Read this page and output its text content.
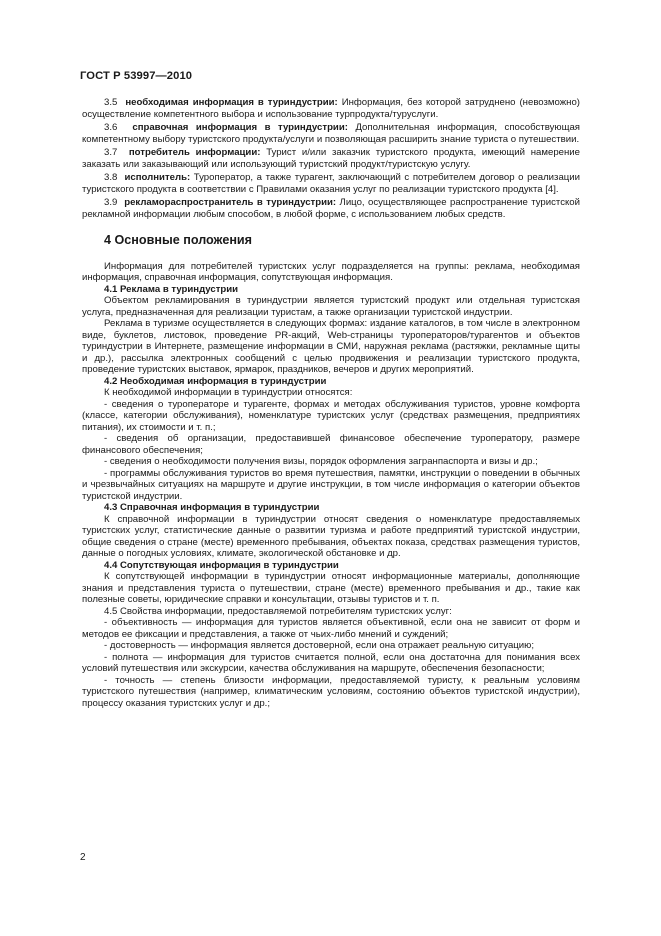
ГОСТ Р 53997—2010

3.5 необходимая информация в туриндустрии: Информация, без которой затруднено (невозможно) осуществление компетентного выбора и использование турпродукта/туруслуги.

3.6 справочная информация в туриндустрии: Дополнительная информация, способствующая компетентному выбору туристского продукта/услуги и позволяющая расширить знание туриста о путешествии.

3.7 потребитель информации: Турист и/или заказчик туристского продукта, имеющий намерение заказать или заказывающий или использующий туристский продукт/туристскую услугу.

3.8 исполнитель: Туроператор, а также турагент, заключающий с потребителем договор о реализации туристского продукта в соответствии с Правилами оказания услуг по реализации туристского продукта [4].

3.9 рекламораспространитель в туриндустрии: Лицо, осуществляющее распространение туристской рекламной информации любым способом, в любой форме, с использованием любых средств.

4 Основные положения

Информация для потребителей туристских услуг подразделяется на группы: реклама, необходимая информация, справочная информация, сопутствующая информация.

4.1 Реклама в туриндустрии

Объектом рекламирования в туриндустрии является туристский продукт или отдельная туристская услуга, предназначенная для реализации туристам, а также организации туристской индустрии.

Реклама в туризме осуществляется в следующих формах: издание каталогов, в том числе в электронном виде, буклетов, листовок, проведение PR-акций, Web-страницы туроператоров/турагентов и объектов туриндустрии в Интернете, размещение информации в СМИ, наружная реклама (растяжки, рекламные щиты и др.), рассылка электронных сообщений с целью продвижения и реализации туристского продукта, проведение туристских выставок, ярмарок, праздников, вечеров и других мероприятий.

4.2 Необходимая информация в туриндустрии

К необходимой информации в туриндустрии относятся:

- сведения о туроператоре и турагенте, формах и методах обслуживания туристов, уровне комфорта (классе, категории обслуживания), номенклатуре туристских услуг (средствах размещения, предприятиях питания), их стоимости и т. п.;

- сведения об организации, предоставившей финансовое обеспечение туроператору, размере финансового обеспечения;

- сведения о необходимости получения визы, порядок оформления загранпаспорта и визы и др.;

- программы обслуживания туристов во время путешествия, памятки, инструкции о поведении в обычных и чрезвычайных ситуациях на маршруте и другие инструкции, в том числе информация о категории объектов туристской индустрии.

4.3 Справочная информация в туриндустрии

К справочной информации в туриндустрии относят сведения о номенклатуре предоставляемых туристских услуг, статистические данные о развитии туризма и работе предприятий туристской индустрии, общие сведения о стране (месте) временного пребывания, объектах показа, средствах размещения туристов, данные о погодных условиях, климате, экологической обстановке и др.

4.4 Сопутствующая информация в туриндустрии

К сопутствующей информации в туриндустрии относят информационные материалы, дополняющие знания и представления туриста о путешествии, стране (месте) временного пребывания и др., такие как полезные советы, юридические справки и консультации, отзывы туристов и т. п.

4.5 Свойства информации, предоставляемой потребителям туристских услуг:

- объективность — информация для туристов является объективной, если она не зависит от форм и методов ее фиксации и представления, а также от чьих-либо мнений и суждений;

- достоверность — информация является достоверной, если она отражает реальную ситуацию;

- полнота — информация для туристов считается полной, если она достаточна для понимания всех условий путешествия или экскурсии, качества обслуживания на маршруте, обеспечения безопасности;

- точность — степень близости информации, предоставляемой туристу, к реальным условиям туристского путешествия (например, климатическим условиям, состоянию объектов туристской индустрии), процессу оказания туристских услуг и др.;

2
